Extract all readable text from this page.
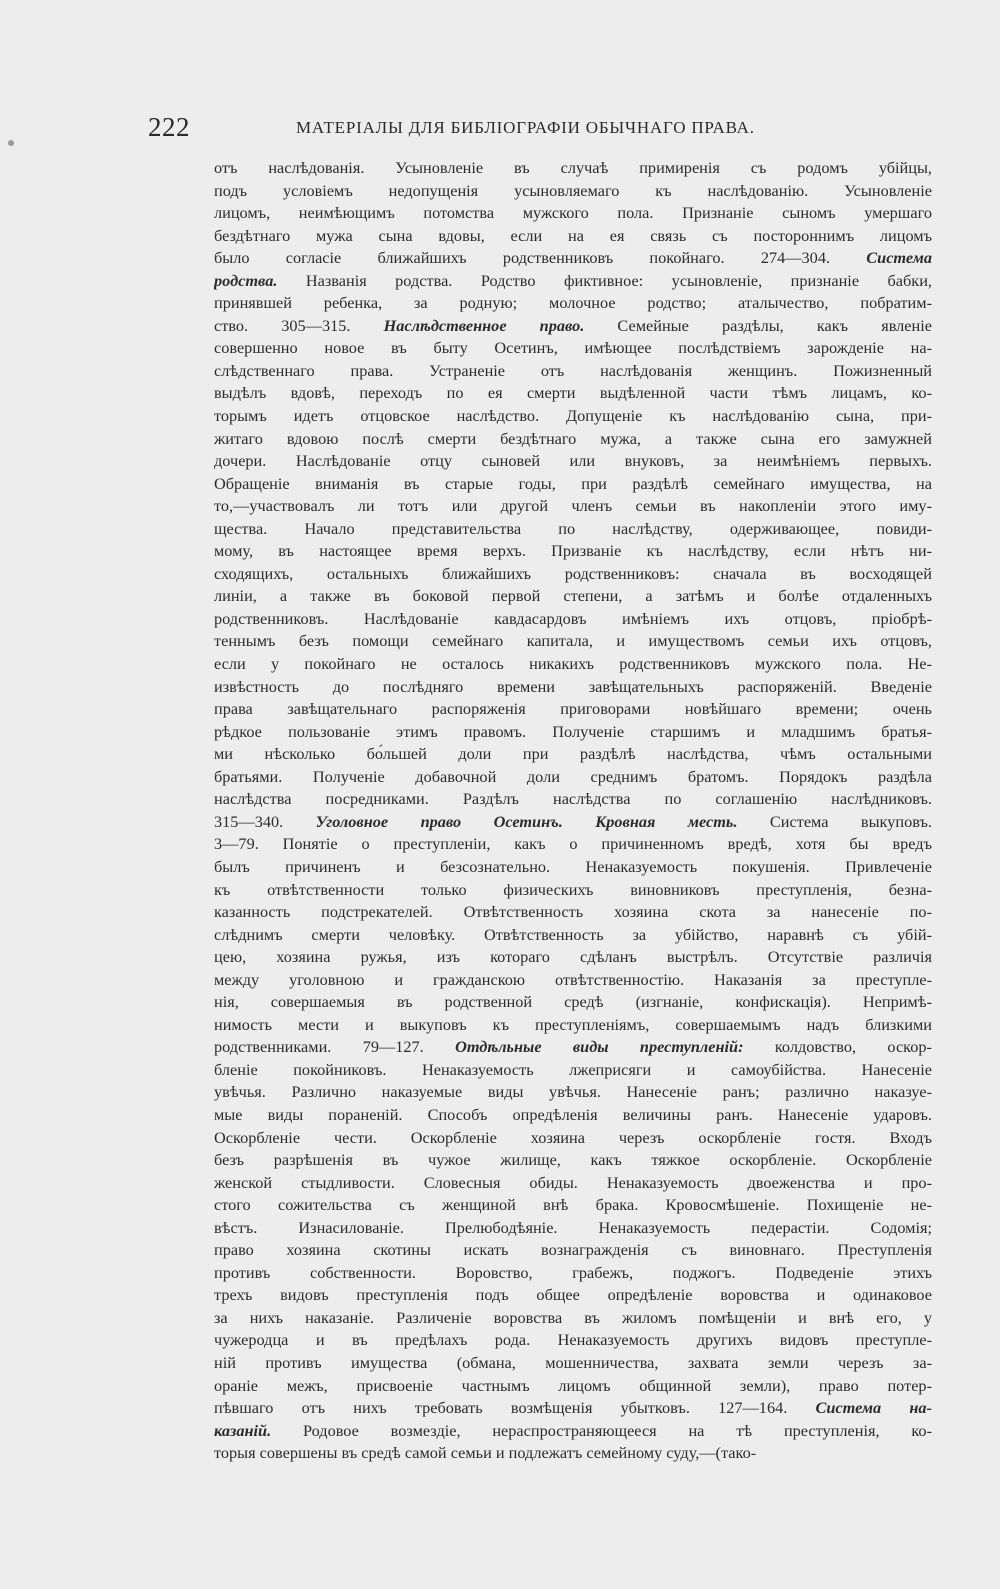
222	МАТЕРІАЛЫ ДЛЯ БИБЛІОГРАФІИ ОБЫЧНАГО ПРАВА.
отъ наслѣдованія. Усыновленіе въ случаѣ примиренія съ родомъ убійцы,
подъ условіемъ недопущенія усыновляемаго къ наслѣдованію. Усыновленіе
лицомъ, неимѣющимъ потомства мужского пола. Признаніе сыномъ умершаго
бездѣтнаго мужа сына вдовы, если на ея связь съ постороннимъ лицомъ
было согласіе ближайшихъ родственниковъ покойнаго. 274—304. Система
родства. Названія родства. Родство фиктивное: усыновленіе, признаніе бабки,
принявшей ребенка, за родную; молочное родство; аталычество, побратим-
ство. 305—315. Наслѣдственное право. Семейные раздѣлы, какъ явленіе
совершенно новое въ быту Осетинъ, имѣющее послѣдствіемъ зарожденіе на-
слѣдственнаго права. Устраненіе отъ наслѣдованія женщинъ. Пожизненный
выдѣлъ вдовѣ, переходъ по ея смерти выдѣленной части тѣмъ лицамъ, ко-
торымъ идетъ отцовское наслѣдство. Допущеніе къ наслѣдованію сына, при-
житаго вдовою послѣ смерти бездѣтнаго мужа, а также сына его замужней
дочери. Наслѣдованіе отцу сыновей или внуковъ, за неимѣніемъ первыхъ.
Обращеніе вниманія въ старые годы, при раздѣлѣ семейнаго имущества, на
то,—участвовалъ ли тотъ или другой членъ семьи въ накопленіи этого иму-
щества. Начало представительства по наслѣдству, одерживающее, повиди-
мому, въ настоящее время верхъ. Призваніе къ наслѣдству, если нѣтъ ни-
сходящихъ, остальныхъ ближайшихъ родственниковъ: сначала въ восходящей
линіи, а также въ боковой первой степени, а затѣмъ и болѣе отдаленныхъ
родственниковъ. Наслѣдованіе кавдасардовъ имѣніемъ ихъ отцовъ, пріобрѣ-
теннымъ безъ помощи семейнаго капитала, и имуществомъ семьи ихъ отцовъ,
если у покойнаго не осталось никакихъ родственниковъ мужского пола. Не-
извѣстность до послѣдняго времени завѣщательныхъ распоряженій. Введеніе
права завѣщательнаго распоряженія приговорами новѣйшаго времени; очень
рѣдкое пользованіе этимъ правомъ. Полученіе старшимъ и младшимъ братья-
ми нѣсколько бо́льшей доли при раздѣлѣ наслѣдства, чѣмъ остальными
братьями. Полученіе добавочной доли среднимъ братомъ. Порядокъ раздѣла
наслѣдства посредниками. Раздѣлъ наслѣдства по соглашенію наслѣдниковъ.
315—340. Уголовное право Осетинъ. Кровная месть. Система выкуповъ.
3—79. Понятіе о преступленіи, какъ о причиненномъ вредѣ, хотя бы вредъ
былъ причиненъ и безсознательно. Ненаказуемость покушенія. Привлеченіе
къ отвѣтственности только физическихъ виновниковъ преступленія, безна-
казанность подстрекателей. Отвѣтственность хозяина скота за нанесеніе по-
слѣднимъ смерти человѣку. Отвѣтственность за убійство, наравнѣ съ убій-
цею, хозяина ружья, изъ котораго сдѣланъ выстрѣлъ. Отсутствіе различія
между уголовною и гражданскою отвѣтственностію. Наказанія за преступле-
нія, совершаемыя въ родственной средѣ (изгнаніе, конфискація). Непримѣ-
нимость мести и выкуповъ къ преступленіямъ, совершаемымъ надъ близкими
родственниками. 79—127. Отдѣльные виды преступленій: колдовство, оскор-
бленіе покойниковъ. Ненаказуемость лжеприсяги и самоубійства. Нанесеніе
увѣчья. Различно наказуемые виды увѣчья. Нанесеніе ранъ; различно наказуе-
мые виды пораненій. Способъ опредѣленія величины ранъ. Нанесеніе ударовъ.
Оскорбленіе чести. Оскорбленіе хозяина черезъ оскорбленіе гостя. Входъ
безъ разрѣшенія въ чужое жилище, какъ тяжкое оскорбленіе. Оскорбленіе
женской стыдливости. Словесныя обиды. Ненаказуемость двоеженства и про-
стого сожительства съ женщиной внѣ брака. Кровосмѣшеніе. Похищеніе не-
вѣстъ. Изнасилованіе. Прелюбодѣяніе. Ненаказуемость педерастіи. Содомія;
право хозяина скотины искать вознагражденія съ виновнаго. Преступленія
противъ собственности. Воровство, грабежъ, поджогъ. Подведеніе этихъ
трехъ видовъ преступленія подъ общее опредѣленіе воровства и одинаковое
за нихъ наказаніе. Различеніе воровства въ жиломъ помѣщеніи и внѣ его, у
чужеродца и въ предѣлахъ рода. Ненаказуемость другихъ видовъ преступле-
ній противъ имущества (обмана, мошенничества, захвата земли черезъ за-
ораніе межъ, присвоеніе частнымъ лицомъ общинной земли), право потер-
пѣвшаго отъ нихъ требовать возмѣщенія убытковъ. 127—164. Система на-
казаній. Родовое возмездіе, нераспространяющееся на тѣ преступленія, ко-
торыя совершены въ средѣ самой семьи и подлежатъ семейному суду,—(тако-
